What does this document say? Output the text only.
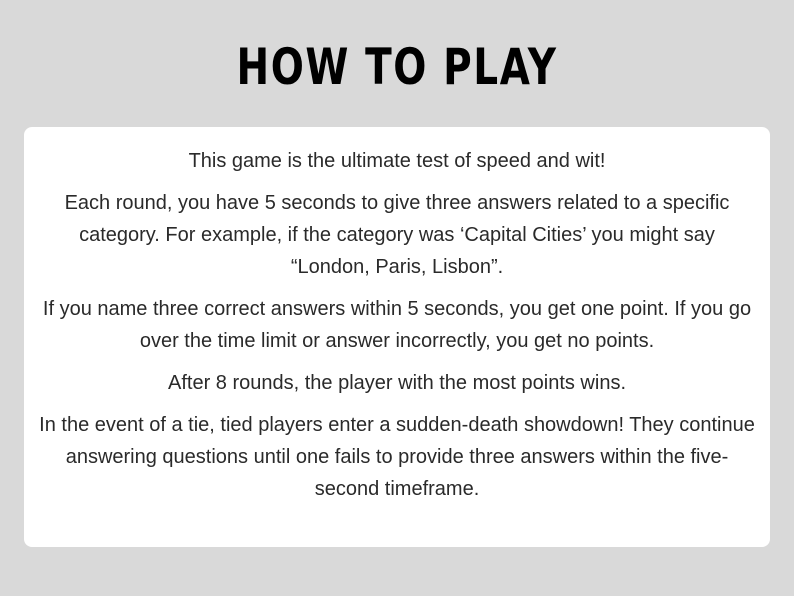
HOW TO PLAY

This game is the ultimate test of speed and wit!

Each round, you have 5 seconds to give three answers related to a specific category. For example, if the category was ‘Capital Cities’ you might say “London, Paris, Lisbon”.

If you name three correct answers within 5 seconds, you get one point. If you go over the time limit or answer incorrectly, you get no points.

After 8 rounds, the player with the most points wins.

In the event of a tie, tied players enter a sudden-death showdown! They continue answering questions until one fails to provide three answers within the five-second timeframe.
